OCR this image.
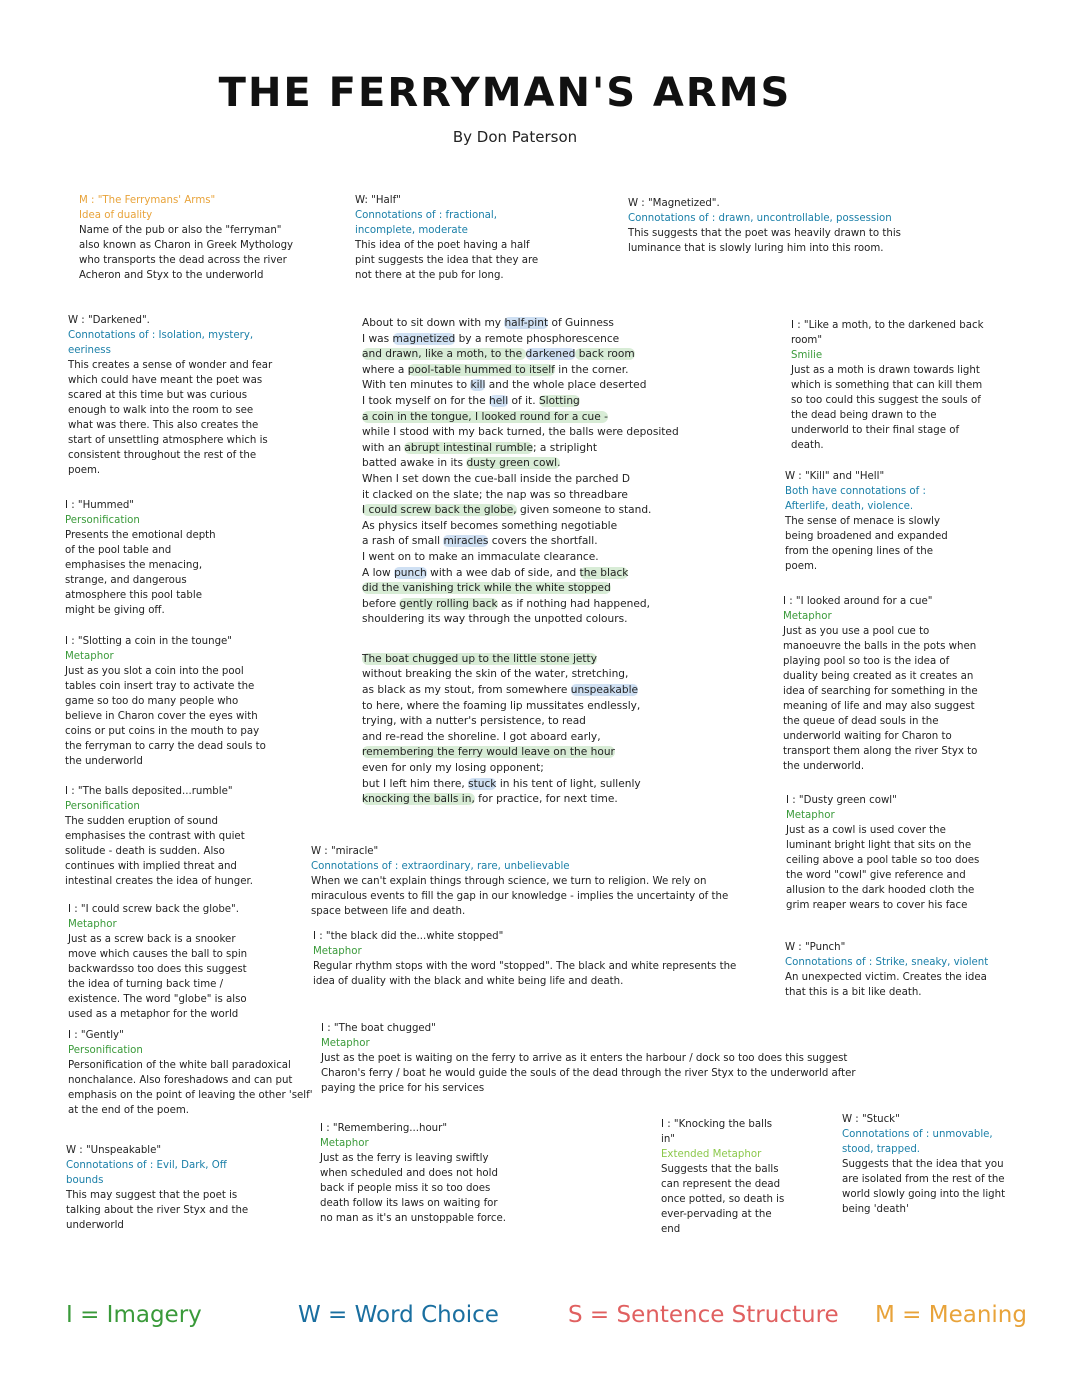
THE FERRYMAN'S ARMS
By Don Paterson
M : "The Ferrymans' Arms"
Idea of duality
Name of the pub or also the "ferryman" also known as Charon in Greek Mythology who transports the dead across the river Acheron and Styx to the underworld
W : "Darkened".
Connotations of : Isolation, mystery, eeriness
This creates a sense of wonder and fear which could have meant the poet was scared at this time but was curious enough to walk into the room to see what was there. This also creates the start of unsettling atmosphere which is consistent throughout the rest of the poem.
I : "Hummed"
Personification
Presents the emotional depth of the pool table and emphasises the menacing, strange, and dangerous atmosphere this pool table might be giving off.
I : "Slotting a coin in the tounge"
Metaphor
Just as you slot a coin into the pool tables coin insert tray to activate the game so too do many people who believe in Charon cover the eyes with coins or put coins in the mouth to pay the ferryman to carry the dead souls to the underworld
I : "The balls deposited...rumble"
Personification
The sudden eruption of sound emphasises the contrast with quiet solitude - death is sudden. Also continues with implied threat and intestinal creates the idea of hunger.
I : "I could screw back the globe".
Metaphor
Just as a screw back is a snooker move which causes the ball to spin backwardsso too does this suggest the idea of turning back time / existence. The word "globe" is also used as a metaphor for the world
I : "Gently"
Personification
Personification of the white ball paradoxical nonchalance. Also foreshadows and can put emphasis on the point of leaving the other 'self' at the end of the poem.
W : "Unspeakable"
Connotations of : Evil, Dark, Off bounds
This may suggest that the poet is talking about the river Styx and the underworld
W: "Half"
Connotations of : fractional, incomplete, moderate
This idea of the poet having a half pint suggests the idea that they are not there at the pub for long.
W : "Magnetized".
Connotations of : drawn, uncontrollable, possession
This suggests that the poet was heavily drawn to this luminance that is slowly luring him into this room.
About to sit down with my half-pint of Guinness
I was magnetized by a remote phosphorescence
and drawn, like a moth, to the darkened back room
where a pool-table hummed to itself in the corner.
With ten minutes to kill and the whole place deserted
I took myself on for the hell of it. Slotting
a coin in the tongue, I looked round for a cue -
while I stood with my back turned, the balls were deposited
with an abrupt intestinal rumble; a striplight
batted awake in its dusty green cowl.
When I set down the cue-ball inside the parched D
it clacked on the slate; the nap was so threadbare
I could screw back the globe, given someone to stand.
As physics itself becomes something negotiable
a rash of small miracles covers the shortfall.
I went on to make an immaculate clearance.
A low punch with a wee dab of side, and the black
did the vanishing trick while the white stopped
before gently rolling back as if nothing had happened,
shouldering its way through the unpotted colours.
The boat chugged up to the little stone jetty
without breaking the skin of the water, stretching,
as black as my stout, from somewhere unspeakable
to here, where the foaming lip mussitates endlessly,
trying, with a nutter's persistence, to read
and re-read the shoreline. I got aboard early,
remembering the ferry would leave on the hour
even for only my losing opponent;
but I left him there, stuck in his tent of light, sullenly
knocking the balls in, for practice, for next time.
I : "Like a moth, to the darkened back room"
Smilie
Just as a moth is drawn towards light which is something that can kill them so too could this suggest the souls of the dead being drawn to the underworld to their final stage of death.
W : "Kill" and "Hell"
Both have connotations of : Afterlife, death, violence.
The sense of menace is slowly being broadened and expanded from the opening lines of the poem.
I : "I looked around for a cue"
Metaphor
Just as you use a pool cue to manoeuvre the balls in the pots when playing pool so too is the idea of duality being created as it creates an idea of searching for something in the meaning of life and may also suggest the queue of dead souls in the underworld waiting for Charon to transport them along the river Styx to the underworld.
I : "Dusty green cowl"
Metaphor
Just as a cowl is used cover the luminant bright light that sits on the ceiling above a pool table so too does the word "cowl" give reference and allusion to the dark hooded cloth the grim reaper wears to cover his face
W : "Punch"
Connotations of : Strike, sneaky, violent
An unexpected victim. Creates the idea that this is a bit like death.
W : "miracle"
Connotations of : extraordinary, rare, unbelievable
When we can't explain things through science, we turn to religion. We rely on miraculous events to fill the gap in our knowledge - implies the uncertainty of the space between life and death.
I : "the black did the...white stopped"
Metaphor
Regular rhythm stops with the word "stopped". The black and white represents the idea of duality with the black and white being life and death.
I : "The boat chugged"
Metaphor
Just as the poet is waiting on the ferry to arrive as it enters the harbour / dock so too does this suggest Charon's ferry / boat he would guide the souls of the dead through the river Styx to the underworld after paying the price for his services
I : "Remembering...hour"
Metaphor
Just as the ferry is leaving swiftly when scheduled and does not hold back if people miss it so too does death follow its laws on waiting for no man as it's an unstoppable force.
I : "Knocking the balls in"
Extended Metaphor
Suggests that the balls can represent the dead once potted, so death is ever-pervading at the end
W : "Stuck"
Connotations of : unmovable, stood, trapped.
Suggests that the idea that you are isolated from the rest of the world slowly going into the light being 'death'
I = Imagery	W = Word Choice	S = Sentence Structure M = Meaning
